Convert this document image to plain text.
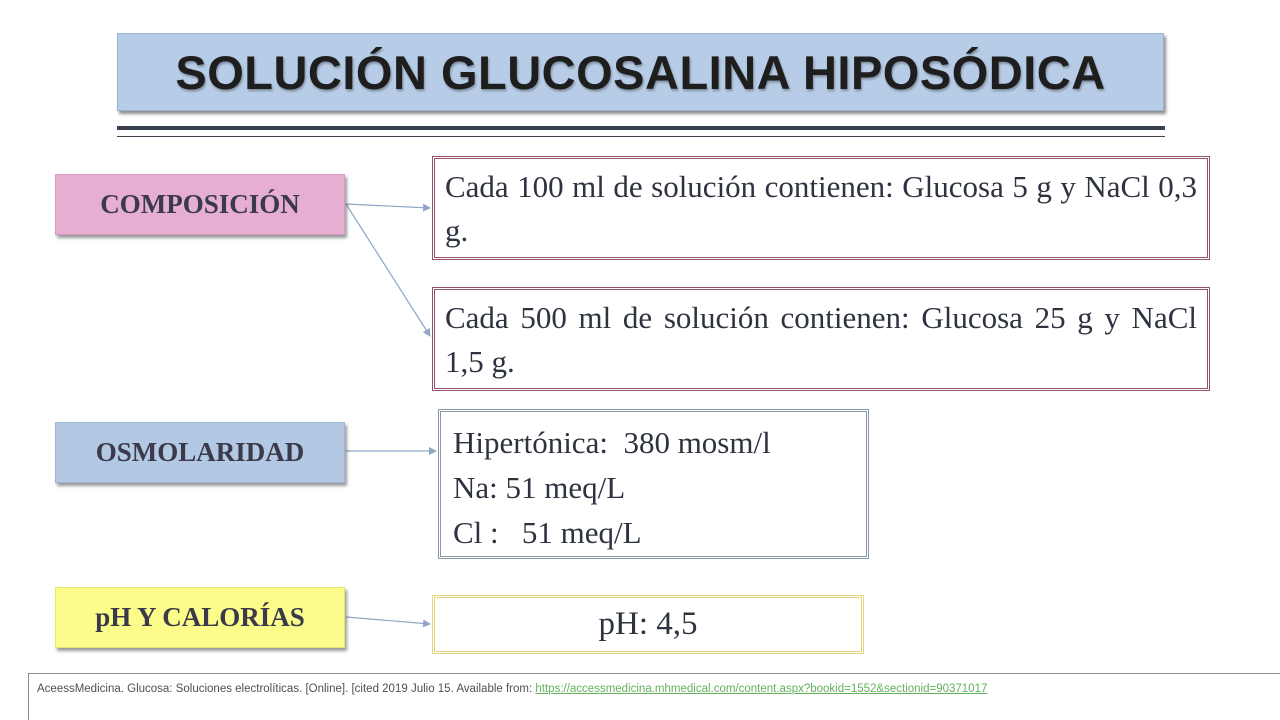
SOLUCIÓN GLUCOSALINA HIPOSÓDICA
COMPOSICIÓN	Cada 100 ml de solución contienen: Glucosa 5 g y NaCl 0,3 g.

Cada 500 ml de solución contienen: Glucosa 25 g y NaCl 1,5 g.

OSMOLARIDAD	Hipertónica:  380 mosm/l
Na: 51 meq/L
Cl :   51 meq/L
pH Y CALORÍAS	pH: 4,5
AceessMedicina. Glucosa: Soluciones electrolíticas. [Online]. [cited 2019 Julio 15. Available from: https://accessmedicina.mhmedical.com/content.aspx?bookid=1552&sectionid=90371017
